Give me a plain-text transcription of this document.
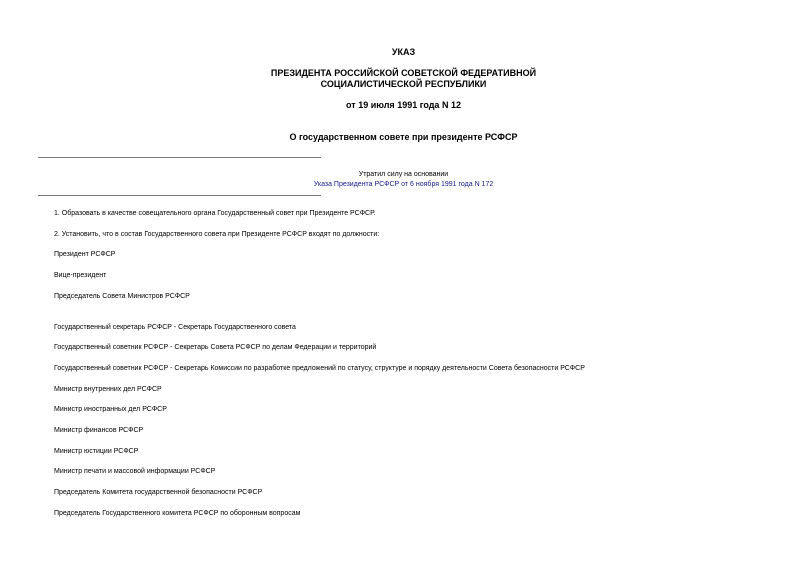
УКАЗ
ПРЕЗИДЕНТА РОССИЙСКОЙ СОВЕТСКОЙ ФЕДЕРАТИВНОЙ
СОЦИАЛИСТИЧЕСКОЙ РЕСПУБЛИКИ
от 19 июля 1991 года N 12
О государственном совете при президенте РСФСР
Утратил силу на основании
Указа Президента РСФСР от 6 ноября 1991 года N 172
1. Образовать в качестве совещательного органа Государственный совет при Президенте РСФСР.
2. Установить, что в состав Государственного совета при Президенте РСФСР входят по должности:
Президент РСФСР
Вице-президент
Председатель Совета Министров РСФСР
Государственный секретарь РСФСР - Секретарь Государственного совета
Государственный советник РСФСР - Секретарь Совета РСФСР по делам Федерации и территорий
Государственный советник РСФСР - Секретарь Комиссии по разработке предложений по статусу, структуре и порядку деятельности Совета безопасности РСФСР
Министр внутренних дел РСФСР
Министр иностранных дел РСФСР
Министр финансов РСФСР
Министр юстиции РСФСР
Министр печати и массовой информации РСФСР
Председатель Комитета государственной безопасности РСФСР
Председатель Государственного комитета РСФСР по оборонным вопросам
